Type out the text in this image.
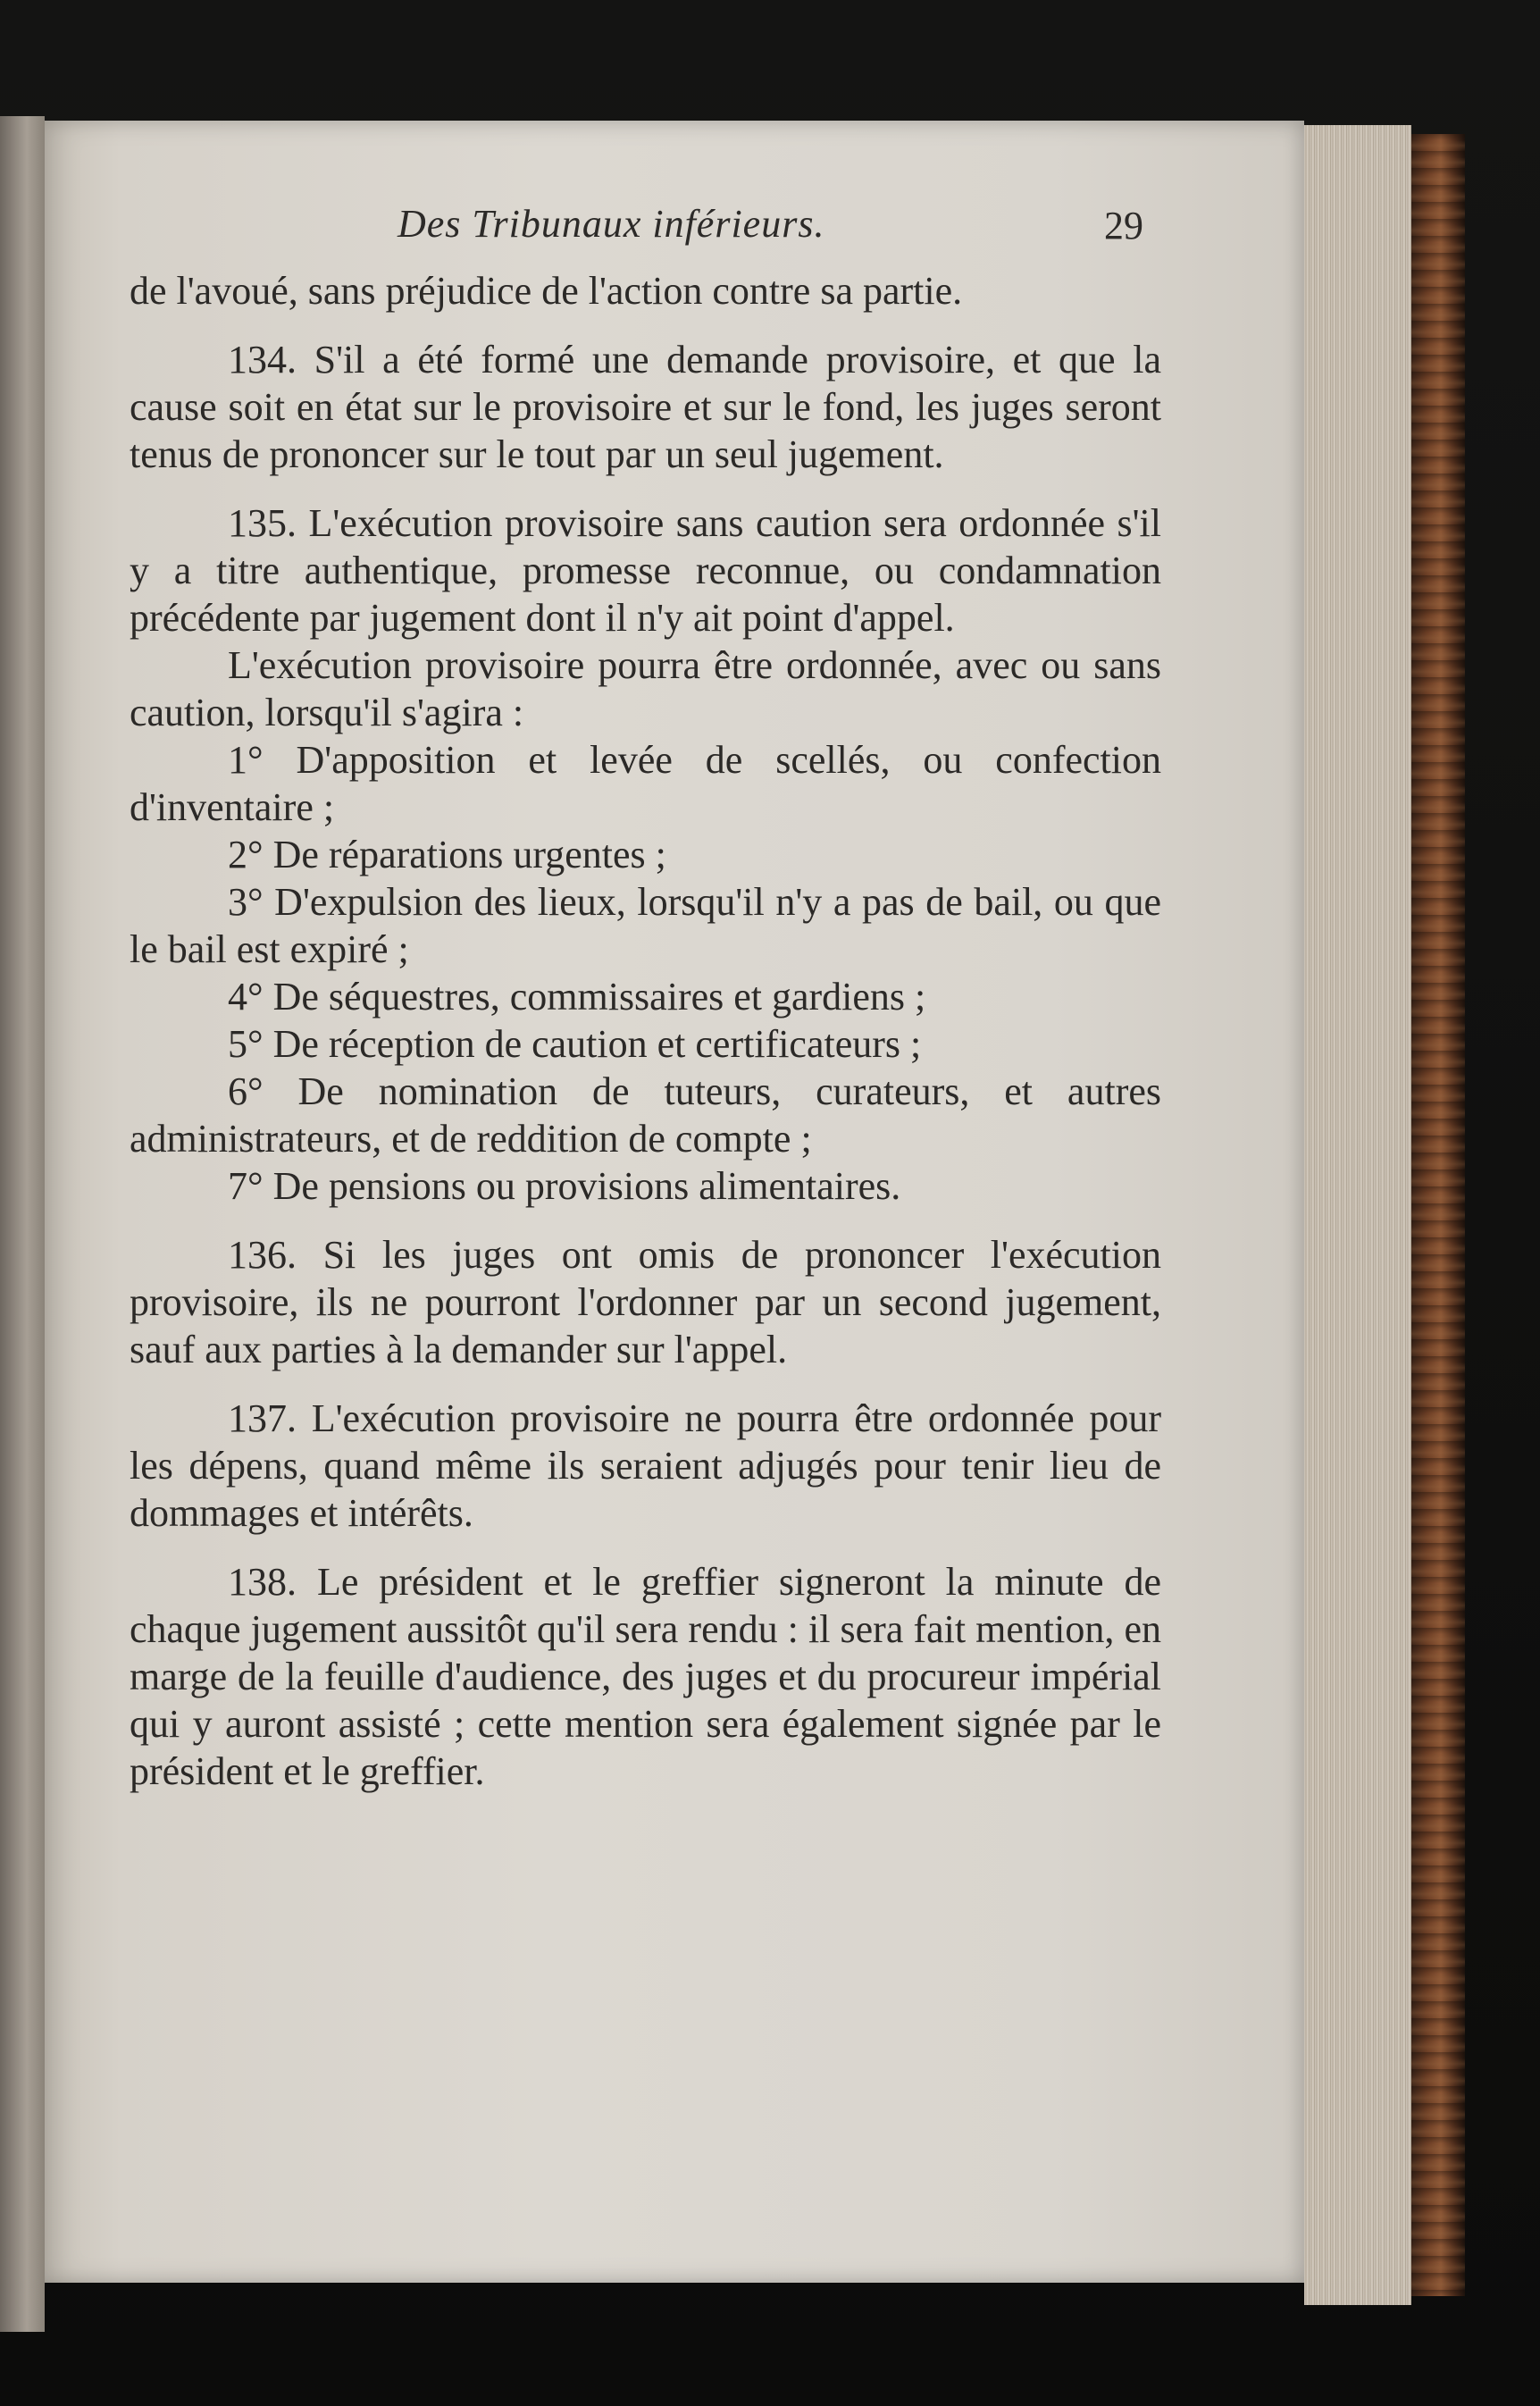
Des Tribunaux inférieurs.	29

de l'avoué, sans préjudice de l'action contre sa partie.

134. S'il a été formé une demande provisoire, et que la cause soit en état sur le provisoire et sur le fond, les juges seront tenus de prononcer sur le tout par un seul jugement.

135. L'exécution provisoire sans caution sera ordonnée s'il y a titre authentique, promesse reconnue, ou condamnation précédente par jugement dont il n'y ait point d'appel.

L'exécution provisoire pourra être ordonnée, avec ou sans caution, lorsqu'il s'agira :

1° D'apposition et levée de scellés, ou confection d'inventaire ;

2° De réparations urgentes ;

3° D'expulsion des lieux, lorsqu'il n'y a pas de bail, ou que le bail est expiré ;

4° De séquestres, commissaires et gardiens ;

5° De réception de caution et certificateurs ;

6° De nomination de tuteurs, curateurs, et autres administrateurs, et de reddition de compte ;

7° De pensions ou provisions alimentaires.

136. Si les juges ont omis de prononcer l'exécution provisoire, ils ne pourront l'ordonner par un second jugement, sauf aux parties à la demander sur l'appel.

137. L'exécution provisoire ne pourra être ordonnée pour les dépens, quand même ils seraient adjugés pour tenir lieu de dommages et intérêts.

138. Le président et le greffier signeront la minute de chaque jugement aussitôt qu'il sera rendu : il sera fait mention, en marge de la feuille d'audience, des juges et du procureur impérial qui y auront assisté ; cette mention sera également signée par le président et le greffier.
